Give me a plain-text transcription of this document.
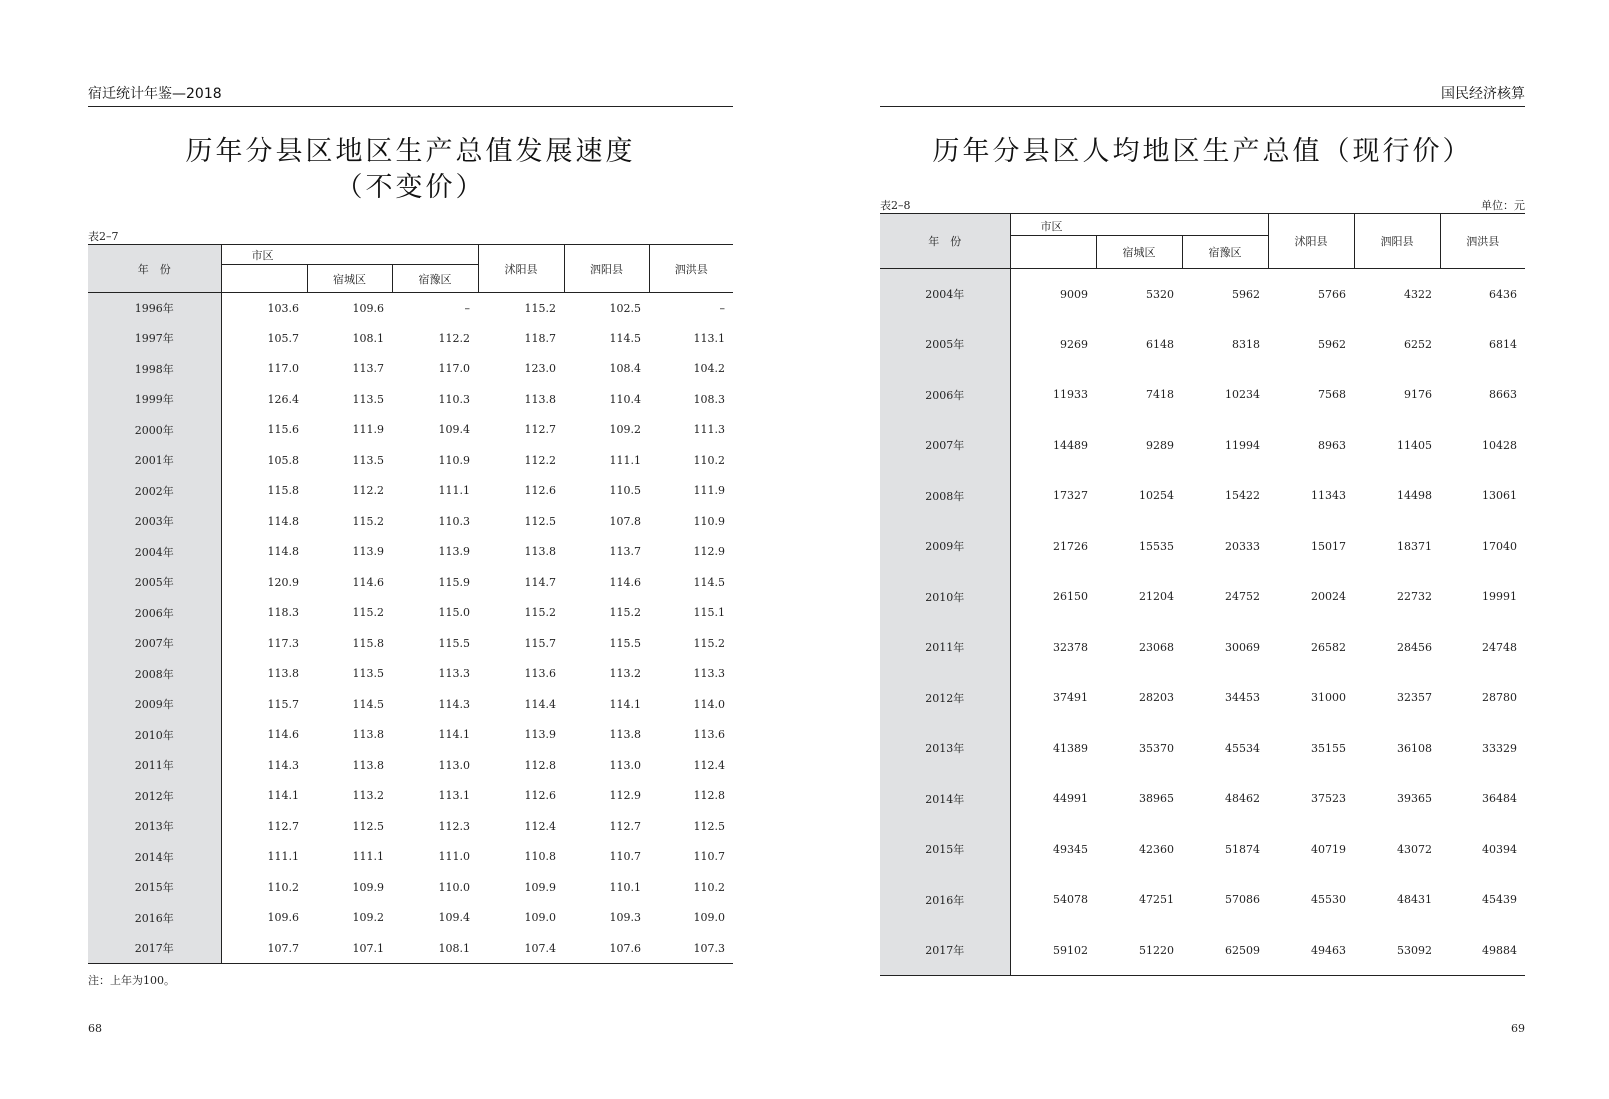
宿迁统计年鉴—2018
历年分县区地区生产总值发展速度
（不变价）
表2–7
年　份	市区			沭阳县	泗阳县	泗洪县
		宿城区	宿豫区			
1996年	103.6	109.6	–	115.2	102.5	–
1997年	105.7	108.1	112.2	118.7	114.5	113.1
1998年	117.0	113.7	117.0	123.0	108.4	104.2
1999年	126.4	113.5	110.3	113.8	110.4	108.3
2000年	115.6	111.9	109.4	112.7	109.2	111.3
2001年	105.8	113.5	110.9	112.2	111.1	110.2
2002年	115.8	112.2	111.1	112.6	110.5	111.9
2003年	114.8	115.2	110.3	112.5	107.8	110.9
2004年	114.8	113.9	113.9	113.8	113.7	112.9
2005年	120.9	114.6	115.9	114.7	114.6	114.5
2006年	118.3	115.2	115.0	115.2	115.2	115.1
2007年	117.3	115.8	115.5	115.7	115.5	115.2
2008年	113.8	113.5	113.3	113.6	113.2	113.3
2009年	115.7	114.5	114.3	114.4	114.1	114.0
2010年	114.6	113.8	114.1	113.9	113.8	113.6
2011年	114.3	113.8	113.0	112.8	113.0	112.4
2012年	114.1	113.2	113.1	112.6	112.9	112.8
2013年	112.7	112.5	112.3	112.4	112.7	112.5
2014年	111.1	111.1	111.0	110.8	110.7	110.7
2015年	110.2	109.9	110.0	109.9	110.1	110.2
2016年	109.6	109.2	109.4	109.0	109.3	109.0
2017年	107.7	107.1	108.1	107.4	107.6	107.3
注：上年为100。
68
国民经济核算
历年分县区人均地区生产总值（现行价）
表2–8	单位：元
年　份	市区			沭阳县	泗阳县	泗洪县
		宿城区	宿豫区			
2004年	9009	5320	5962	5766	4322	6436
2005年	9269	6148	8318	5962	6252	6814
2006年	11933	7418	10234	7568	9176	8663
2007年	14489	9289	11994	8963	11405	10428
2008年	17327	10254	15422	11343	14498	13061
2009年	21726	15535	20333	15017	18371	17040
2010年	26150	21204	24752	20024	22732	19991
2011年	32378	23068	30069	26582	28456	24748
2012年	37491	28203	34453	31000	32357	28780
2013年	41389	35370	45534	35155	36108	33329
2014年	44991	38965	48462	37523	39365	36484
2015年	49345	42360	51874	40719	43072	40394
2016年	54078	47251	57086	45530	48431	45439
2017年	59102	51220	62509	49463	53092	49884
69
